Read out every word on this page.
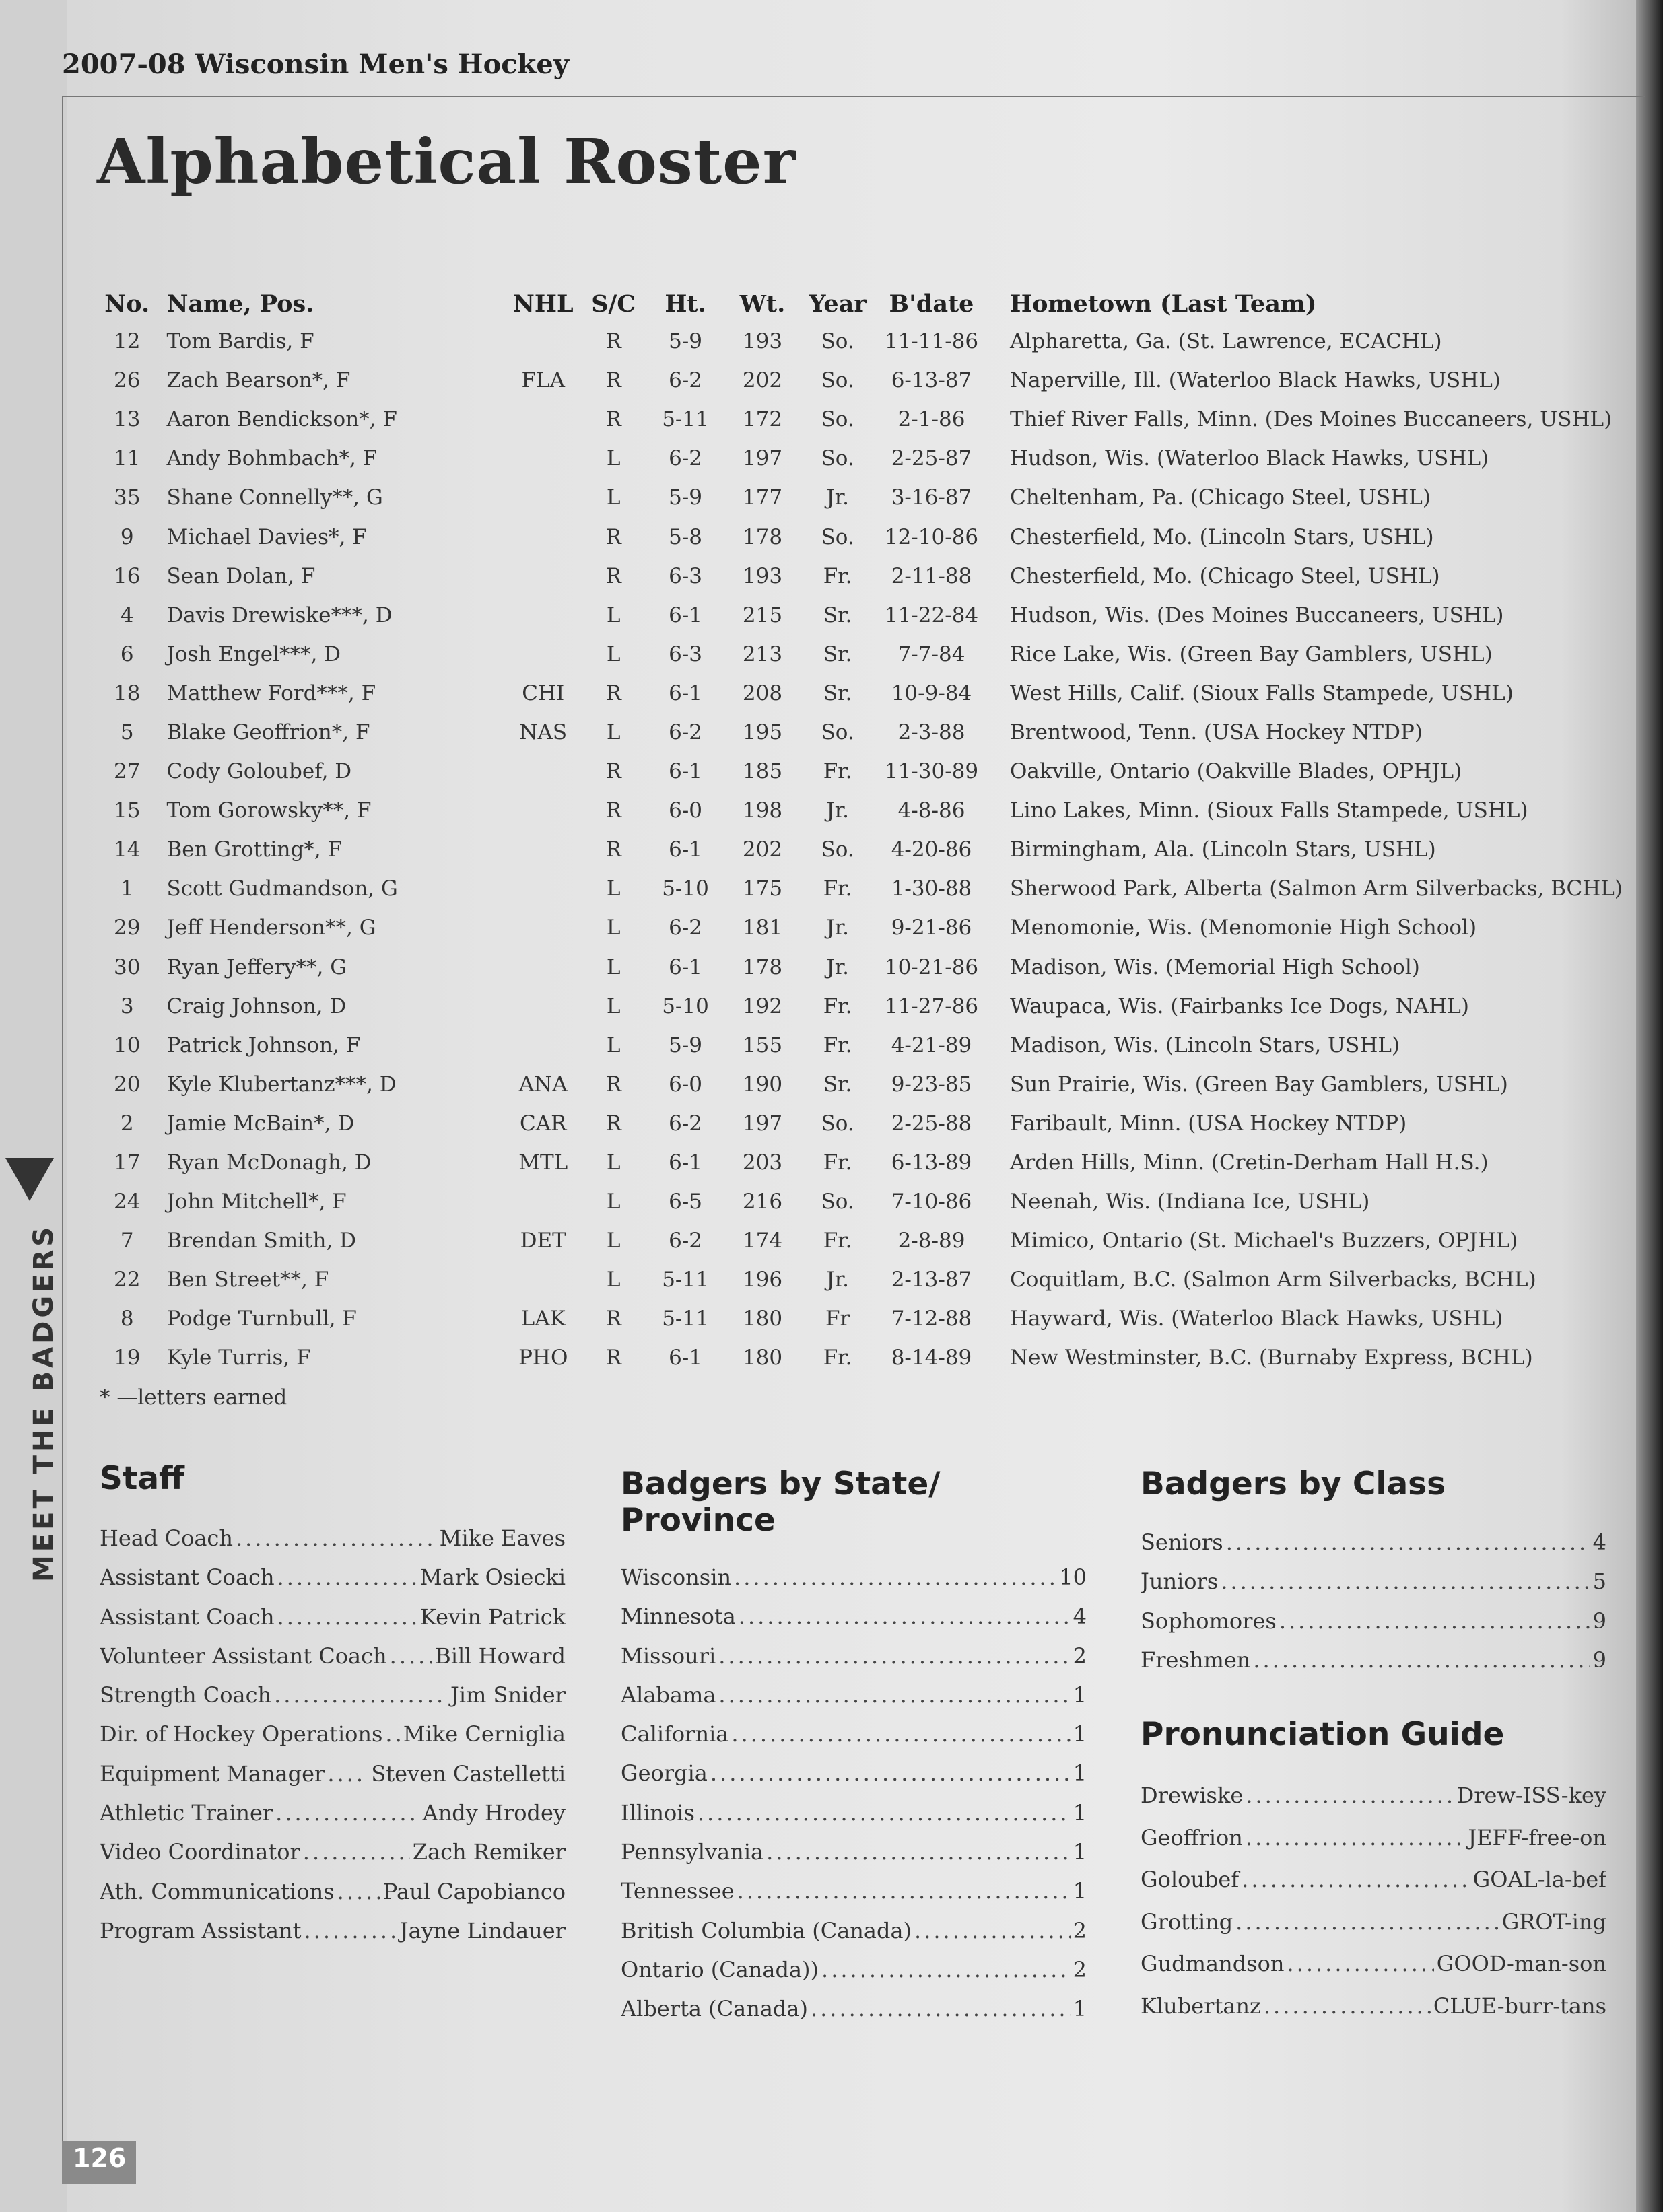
2007-08 Wisconsin Men's Hockey
Alphabetical Roster
No.	Name, Pos.	NHL	S/C	Ht.	Wt.	Year	B'date	Hometown (Last Team)
12	Tom Bardis, F		R	5-9	193	So.	11-11-86	Alpharetta, Ga. (St. Lawrence, ECACHL)
26	Zach Bearson*, F	FLA	R	6-2	202	So.	6-13-87	Naperville, Ill. (Waterloo Black Hawks, USHL)
13	Aaron Bendickson*, F		R	5-11	172	So.	2-1-86	Thief River Falls, Minn. (Des Moines Buccaneers, USHL)
11	Andy Bohmbach*, F		L	6-2	197	So.	2-25-87	Hudson, Wis. (Waterloo Black Hawks, USHL)
35	Shane Connelly**, G		L	5-9	177	Jr.	3-16-87	Cheltenham, Pa. (Chicago Steel, USHL)
9	Michael Davies*, F		R	5-8	178	So.	12-10-86	Chesterfield, Mo. (Lincoln Stars, USHL)
16	Sean Dolan, F		R	6-3	193	Fr.	2-11-88	Chesterfield, Mo. (Chicago Steel, USHL)
4	Davis Drewiske***, D		L	6-1	215	Sr.	11-22-84	Hudson, Wis. (Des Moines Buccaneers, USHL)
6	Josh Engel***, D		L	6-3	213	Sr.	7-7-84	Rice Lake, Wis. (Green Bay Gamblers, USHL)
18	Matthew Ford***, F	CHI	R	6-1	208	Sr.	10-9-84	West Hills, Calif. (Sioux Falls Stampede, USHL)
5	Blake Geoffrion*, F	NAS	L	6-2	195	So.	2-3-88	Brentwood, Tenn. (USA Hockey NTDP)
27	Cody Goloubef, D		R	6-1	185	Fr.	11-30-89	Oakville, Ontario (Oakville Blades, OPHJL)
15	Tom Gorowsky**, F		R	6-0	198	Jr.	4-8-86	Lino Lakes, Minn. (Sioux Falls Stampede, USHL)
14	Ben Grotting*, F		R	6-1	202	So.	4-20-86	Birmingham, Ala. (Lincoln Stars, USHL)
1	Scott Gudmandson, G		L	5-10	175	Fr.	1-30-88	Sherwood Park, Alberta (Salmon Arm Silverbacks, BCHL)
29	Jeff Henderson**, G		L	6-2	181	Jr.	9-21-86	Menomonie, Wis. (Menomonie High School)
30	Ryan Jeffery**, G		L	6-1	178	Jr.	10-21-86	Madison, Wis. (Memorial High School)
3	Craig Johnson, D		L	5-10	192	Fr.	11-27-86	Waupaca, Wis. (Fairbanks Ice Dogs, NAHL)
10	Patrick Johnson, F		L	5-9	155	Fr.	4-21-89	Madison, Wis. (Lincoln Stars, USHL)
20	Kyle Klubertanz***, D	ANA	R	6-0	190	Sr.	9-23-85	Sun Prairie, Wis. (Green Bay Gamblers, USHL)
2	Jamie McBain*, D	CAR	R	6-2	197	So.	2-25-88	Faribault, Minn. (USA Hockey NTDP)
17	Ryan McDonagh, D	MTL	L	6-1	203	Fr.	6-13-89	Arden Hills, Minn. (Cretin-Derham Hall H.S.)
24	John Mitchell*, F		L	6-5	216	So.	7-10-86	Neenah, Wis. (Indiana Ice, USHL)
7	Brendan Smith, D	DET	L	6-2	174	Fr.	2-8-89	Mimico, Ontario (St. Michael's Buzzers, OPJHL)
22	Ben Street**, F		L	5-11	196	Jr.	2-13-87	Coquitlam, B.C. (Salmon Arm Silverbacks, BCHL)
8	Podge Turnbull, F	LAK	R	5-11	180	Fr	7-12-88	Hayward, Wis. (Waterloo Black Hawks, USHL)
19	Kyle Turris, F	PHO	R	6-1	180	Fr.	8-14-89	New Westminster, B.C. (Burnaby Express, BCHL)
* —letters earned
Staff
Head Coach .....	Mike Eaves
Assistant Coach .....	Mark Osiecki
Assistant Coach .....	Kevin Patrick
Volunteer Assistant Coach ..... Bill Howard
Strength Coach .....	Jim Snider
Dir. of Hockey Operations ..... Mike Cerniglia
Equipment Manager ..... Steven Castelletti
Athletic Trainer .....	Andy Hrodey
Video Coordinator .....	Zach Remiker
Ath. Communications ..... Paul Capobianco
Program Assistant .....	Jayne Lindauer
Badgers by State/
Province
Wisconsin .....	10
Minnesota .....	4
Missouri .....	2
Alabama .....	1
California .....	1
Georgia .....	1
Illinois .....	1
Pennsylvania .....	1
Tennessee .....	1
British Columbia (Canada) .....	2
Ontario (Canada)) .....	2
Alberta (Canada) .....	1
Badgers by Class
Seniors .....	4
Juniors .....	5
Sophomores .....	9
Freshmen .....	9
Pronunciation Guide
Drewiske .....	Drew-ISS-key
Geoffrion .....	JEFF-free-on
Goloubef .....	GOAL-la-bef
Grotting .....	GROT-ing
Gudmandson .....	GOOD-man-son
Klubertanz .....	CLUE-burr-tans
MEET THE BADGERS
126
